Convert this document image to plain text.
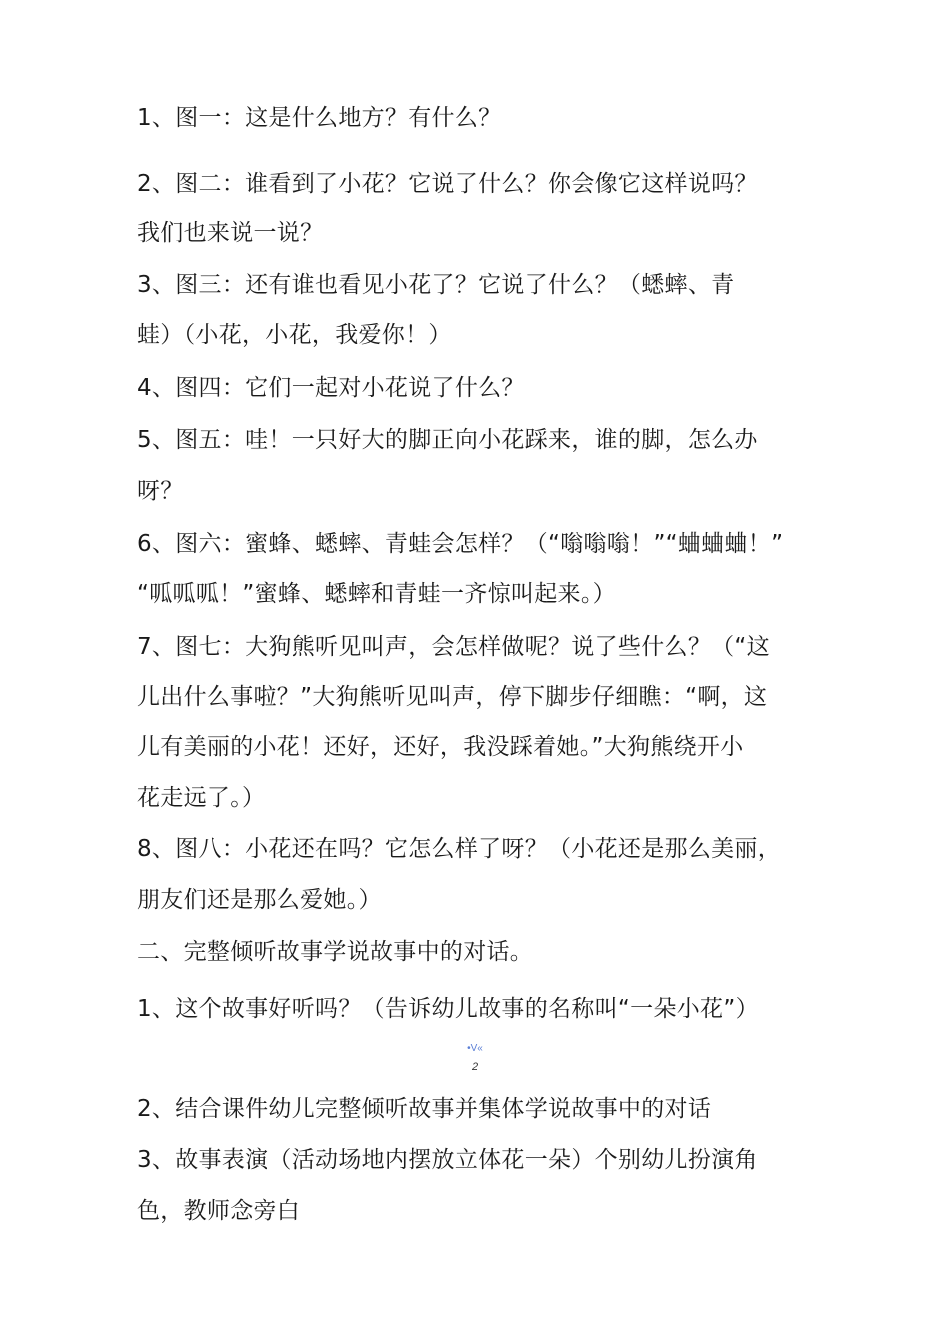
1、图一：这是什么地方？有什么？
2、图二：谁看到了小花？它说了什么？你会像它这样说吗？
我们也来说一说？
3、图三：还有谁也看见小花了？它说了什么？（蟋蟀、青
蛙）（小花，小花，我爱你！）
4、图四：它们一起对小花说了什么？
5、图五：哇！一只好大的脚正向小花踩来，谁的脚，怎么办
呀？
6、图六：蜜蜂、蟋蟀、青蛙会怎样？（“嗡嗡嗡！”“蛐蛐蛐！”
“呱呱呱！”蜜蜂、蟋蟀和青蛙一齐惊叫起来。）
7、图七：大狗熊听见叫声，会怎样做呢？说了些什么？（“这
儿出什么事啦？”大狗熊听见叫声，停下脚步仔细瞧：“啊，这
儿有美丽的小花！还好，还好，我没踩着她。”大狗熊绕开小
花走远了。）
8、图八：小花还在吗？它怎么样了呀？（小花还是那么美丽，
朋友们还是那么爱她。）
二、完整倾听故事学说故事中的对话。
1、这个故事好听吗？（告诉幼儿故事的名称叫“一朵小花”）
•V«
2
2、结合课件幼儿完整倾听故事并集体学说故事中的对话
3、故事表演（活动场地内摆放立体花一朵）个别幼儿扮演角
色，教师念旁白
